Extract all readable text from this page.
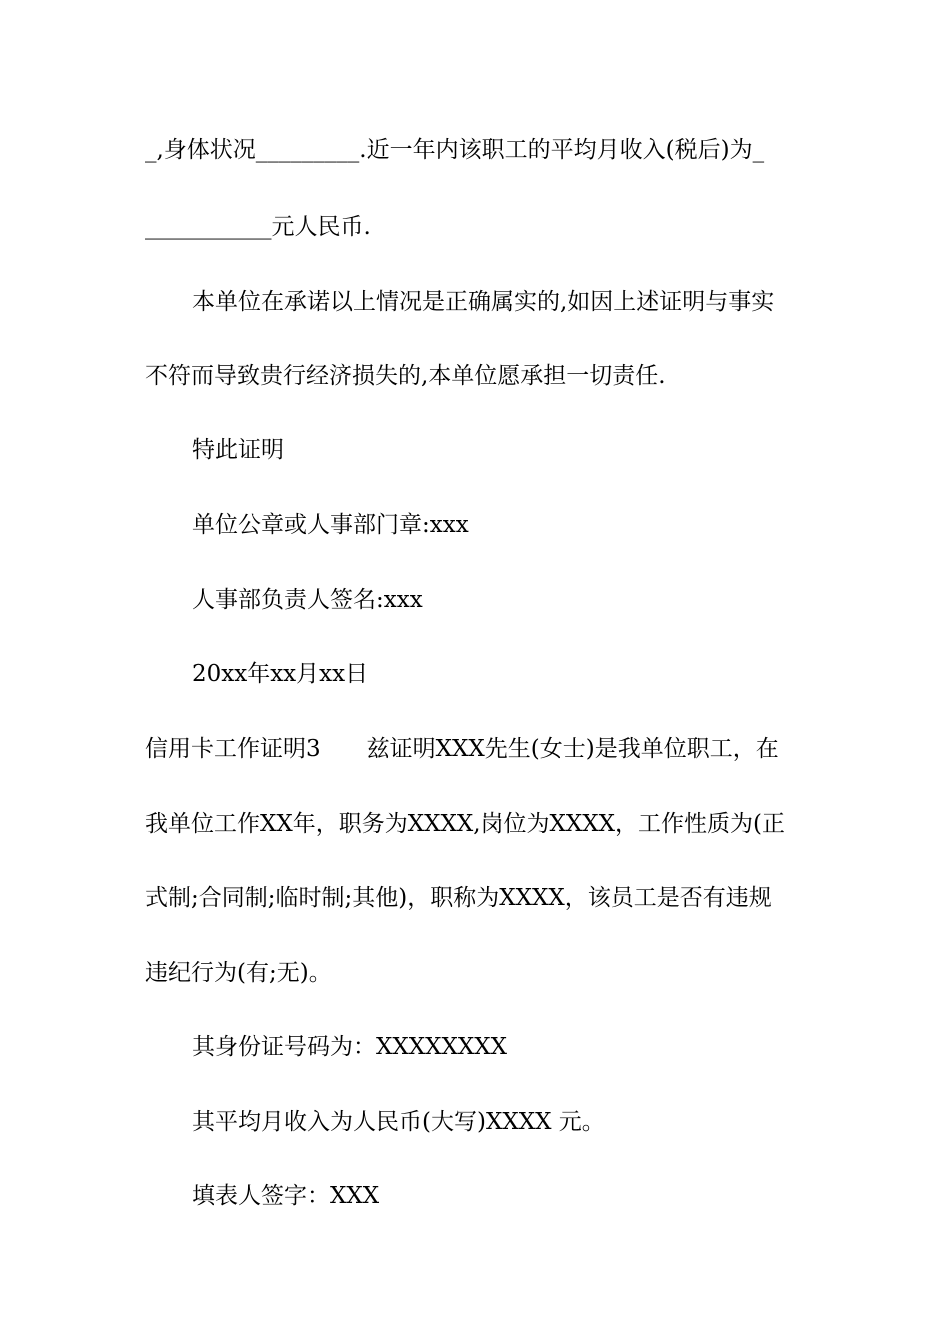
_,身体状况_________.近一年内该职工的平均月收入(税后)为_
___________元人民币.
本单位在承诺以上情况是正确属实的,如因上述证明与事实
不符而导致贵行经济损失的,本单位愿承担一切责任.
特此证明
单位公章或人事部门章:xxx
人事部负责人签名:xxx
20xx年xx月xx日
信用卡工作证明3　　兹证明XXX先生(女士)是我单位职工，在
我单位工作XX年，职务为XXXX,岗位为XXXX，工作性质为(正
式制;合同制;临时制;其他)，职称为XXXX，该员工是否有违规
违纪行为(有;无)。
其身份证号码为：XXXXXXXX
其平均月收入为人民币(大写)XXXX 元。
填表人签字：XXX
